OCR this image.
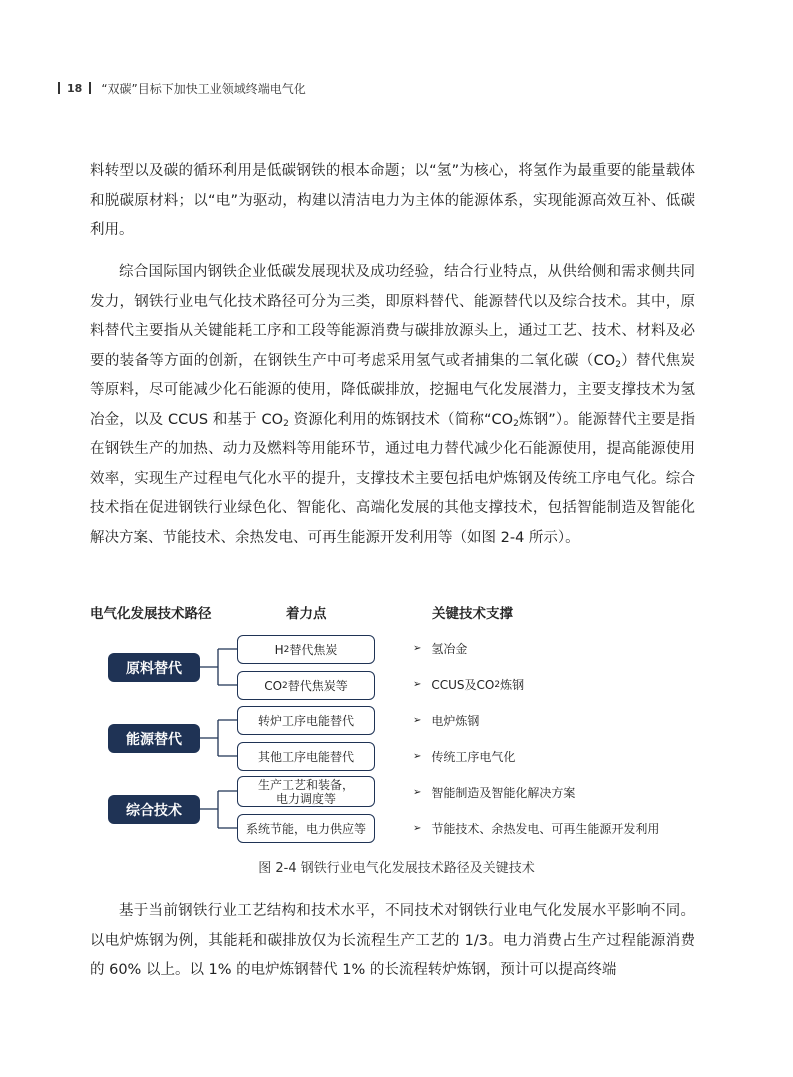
18 “双碳”目标下加快工业领域终端电气化

料转型以及碳的循环利用是低碳钢铁的根本命题；以“氢”为核心，将氢作为最重要的能量载体和脱碳原材料；以“电”为驱动，构建以清洁电力为主体的能源体系，实现能源高效互补、低碳利用。

综合国际国内钢铁企业低碳发展现状及成功经验，结合行业特点，从供给侧和需求侧共同发力，钢铁行业电气化技术路径可分为三类，即原料替代、能源替代以及综合技术。其中，原料替代主要指从关键能耗工序和工段等能源消费与碳排放源头上，通过工艺、技术、材料及必要的装备等方面的创新，在钢铁生产中可考虑采用氢气或者捕集的二氧化碳$(CO_2)$替代焦炭等原料，尽可能减少化石能源的使用，降低碳排放，挖掘电气化发展潜力，主要支撑技术为氢冶金，以及 CCUS 和基于 $CO_2$ 资源化利用的炼钢技术（简称“$CO_2$炼钢”）。能源替代主要是指在钢铁生产的加热、动力及燃料等用能环节，通过电力替代减少化石能源使用，提高能源使用效率，实现生产过程电气化水平的提升，支撑技术主要包括电炉炼钢及传统工序电气化。综合技术指在促进钢铁行业绿色化、智能化、高端化发展的其他支撑技术，包括智能制造及智能化解决方案、节能技术、余热发电、可再生能源开发利用等（如图 2-4 所示）。

电气化发展技术路径	着力点	关键技术支撑
原料替代
能源替代
综合技术
H 2 替代焦炭
CO 2 替代焦炭等
转炉工序电能替代
其他工序电能替代
生产工艺和装备，
电力调度等
系统节能，电力供应等
➢ 氢冶金
➢ CCUS及CO 2 炼钢
➢ 电炉炼钢
➢ 传统工序电气化
➢ 智能制造及智能化解决方案
➢ 节能技术、余热发电、可再生能源开发利用
图 2-4 钢铁行业电气化发展技术路径及关键技术

基于当前钢铁行业工艺结构和技术水平，不同技术对钢铁行业电气化发展水平影响不同。以电炉炼钢为例，其能耗和碳排放仅为长流程生产工艺的 1/3。电力消费占生产过程能源消费的 60% 以上。以 1% 的电炉炼钢替代 1% 的长流程转炉炼钢，预计可以提高终端
